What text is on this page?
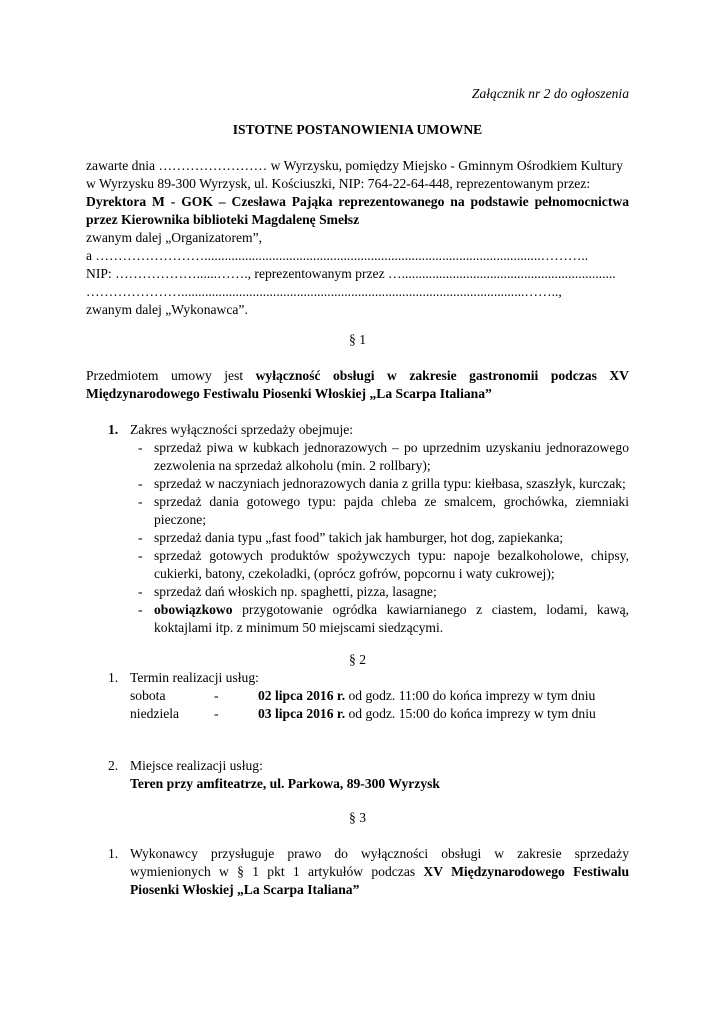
Załącznik nr 2 do ogłoszenia

ISTOTNE POSTANOWIENIA UMOWNE

zawarte dnia …………………… w Wyrzysku, pomiędzy Miejsko - Gminnym Ośrodkiem Kultury

w Wyrzysku 89-300 Wyrzysk, ul. Kościuszki, NIP: 764-22-64-448, reprezentowanym przez:

Dyrektora M - GOK – Czesława Pająka reprezentowanego na podstawie pełnomocnictwa przez Kierownika biblioteki Magdalenę Smełsz

zwanym dalej „Organizatorem”,

a ……………………...................................................................................................………..

NIP: ………………......……., reprezentowanym przez …...............................................................

………………….....................................................................................................……..,

zwanym dalej „Wykonawca”.

§ 1

Przedmiotem umowy jest wyłączność obsługi w zakresie gastronomii podczas XV Międzynarodowego Festiwalu Piosenki Włoskiej „La Scarpa Italiana”

1. Zakres wyłączności sprzedaży obejmuje:
- sprzedaż piwa w kubkach jednorazowych – po uprzednim uzyskaniu jednorazowego zezwolenia na sprzedaż alkoholu (min. 2 rollbary);
- sprzedaż w naczyniach jednorazowych dania z grilla typu: kiełbasa, szaszłyk, kurczak;
- sprzedaż dania gotowego typu: pajda chleba ze smalcem, grochówka, ziemniaki pieczone;
- sprzedaż dania typu „fast food” takich jak hamburger, hot dog, zapiekanka;
- sprzedaż gotowych produktów spożywczych typu: napoje bezalkoholowe, chipsy, cukierki, batony, czekoladki, (oprócz gofrów, popcornu i waty cukrowej);
- sprzedaż dań włoskich np. spaghetti, pizza, lasagne;
- obowiązkowo przygotowanie ogródka kawiarnianego z ciastem, lodami, kawą, koktajlami itp. z minimum 50 miejscami siedzącymi.

§ 2

1. Termin realizacji usług:
sobota	-	02 lipca 2016 r. od godz. 11:00 do końca imprezy w tym dniu
niedziela	-	03 lipca 2016 r. od godz. 15:00 do końca imprezy w tym dniu
2. Miejsce realizacji usług:

Teren przy amfiteatrze, ul. Parkowa, 89-300 Wyrzysk

§ 3

1. Wykonawcy przysługuje prawo do wyłączności obsługi w zakresie sprzedaży wymienionych w § 1 pkt 1 artykułów podczas XV Międzynarodowego Festiwalu Piosenki Włoskiej „La Scarpa Italiana”
